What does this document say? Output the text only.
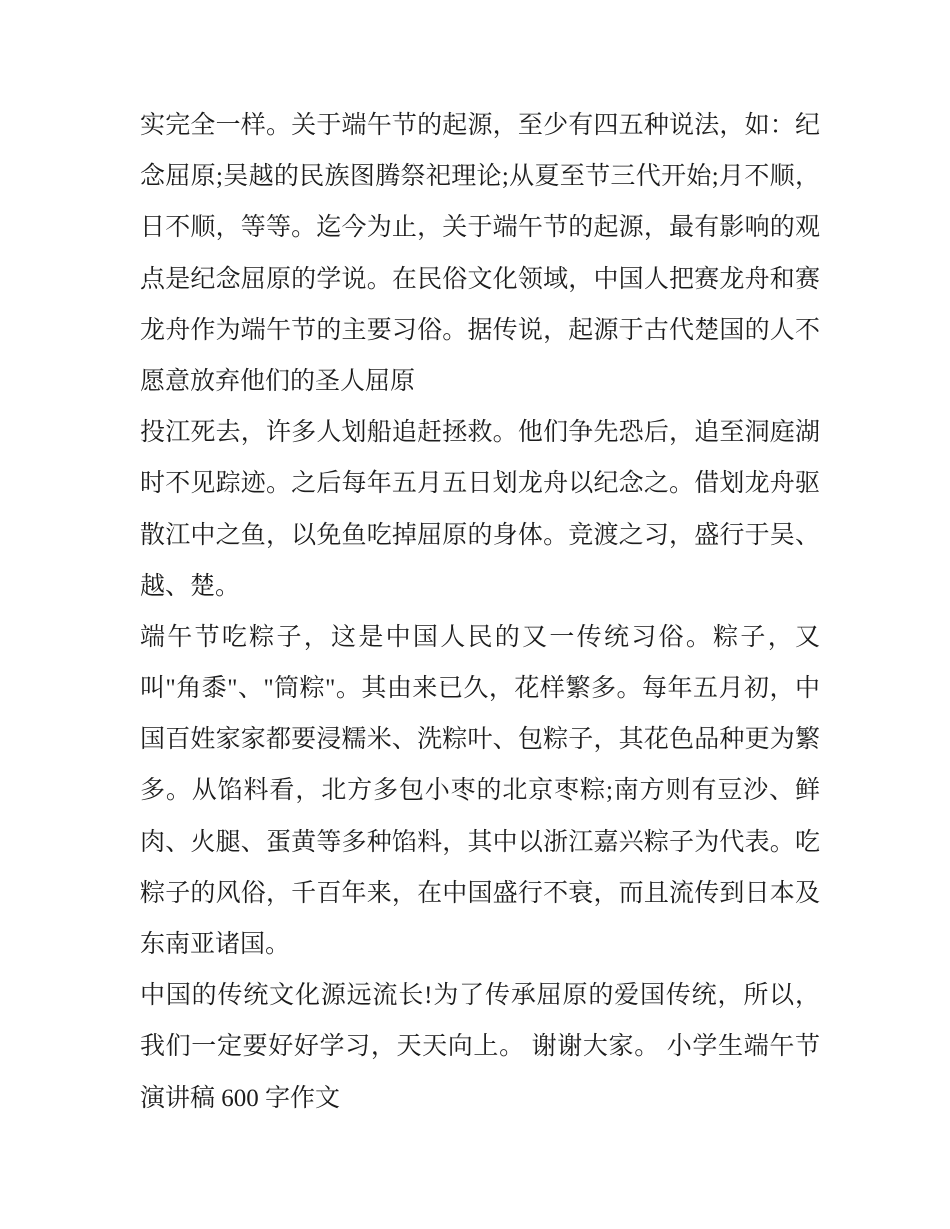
实完全一样。关于端午节的起源，至少有四五种说法，如：纪
念屈原;吴越的民族图腾祭祀理论;从夏至节三代开始;月不顺，
日不顺，等等。迄今为止，关于端午节的起源，最有影响的观
点是纪念屈原的学说。在民俗文化领域，中国人把赛龙舟和赛
龙舟作为端午节的主要习俗。据传说，起源于古代楚国的人不
愿意放弃他们的圣人屈原

投江死去，许多人划船追赶拯救。他们争先恐后，追至洞庭湖
时不见踪迹。之后每年五月五日划龙舟以纪念之。借划龙舟驱
散江中之鱼，以免鱼吃掉屈原的身体。竞渡之习，盛行于吴、
越、楚。

端午节吃粽子，这是中国人民的又一传统习俗。粽子，又
叫"角黍"、"筒粽"。其由来已久，花样繁多。每年五月初，中
国百姓家家都要浸糯米、洗粽叶、包粽子，其花色品种更为繁
多。从馅料看，北方多包小枣的北京枣粽;南方则有豆沙、鲜
肉、火腿、蛋黄等多种馅料，其中以浙江嘉兴粽子为代表。吃
粽子的风俗，千百年来，在中国盛行不衰，而且流传到日本及
东南亚诸国。

中国的传统文化源远流长!为了传承屈原的爱国传统，所以，
我们一定要好好学习，天天向上。 谢谢大家。 小学生端午节
演讲稿 600 字作文
